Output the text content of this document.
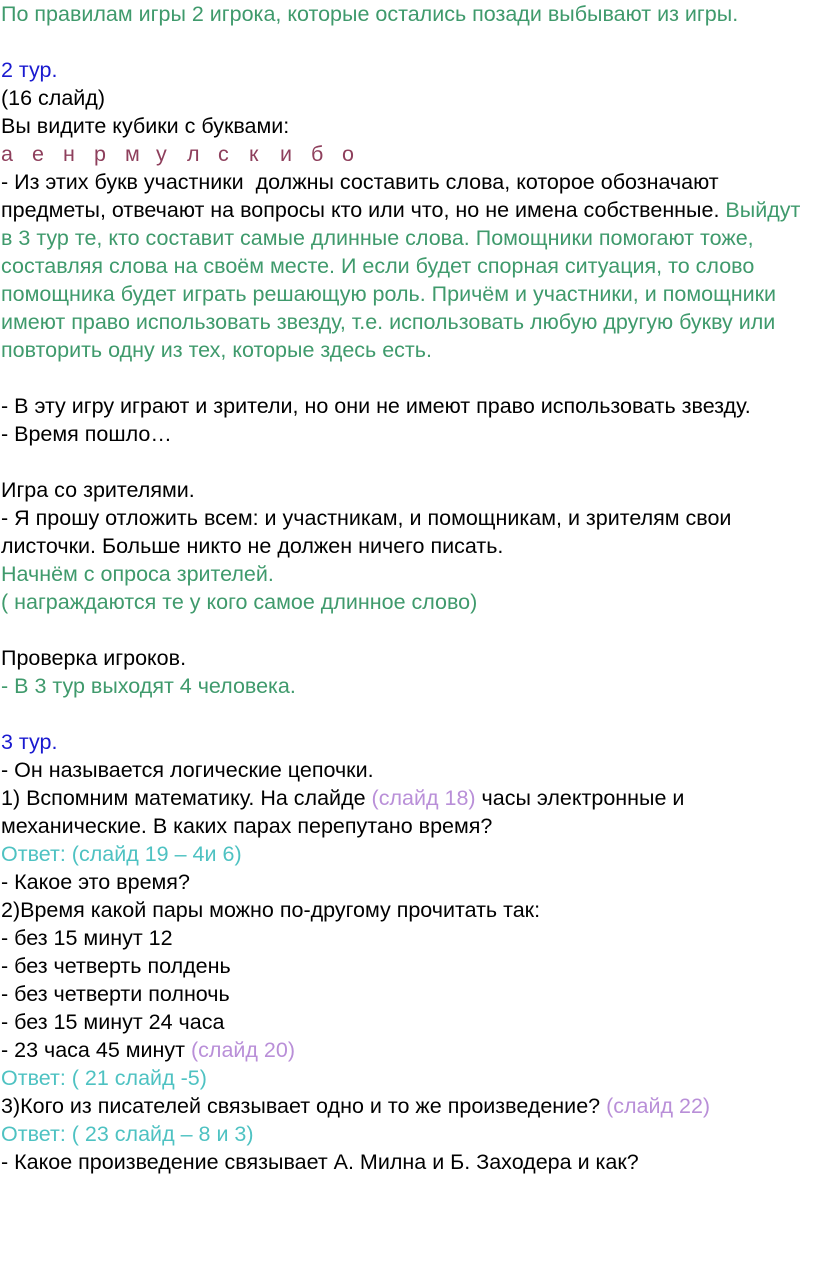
По правилам игры 2 игрока, которые остались позади выбывают из игры.
2 тур.
(16 слайд)
Вы видите кубики с буквами:
а е н р м у л с к и б о
- Из этих букв участники  должны составить слова, которое обозначают предметы, отвечают на вопросы кто или что, но не имена собственные. Выйдут в 3 тур те, кто составит самые длинные слова. Помощники помогают тоже, составляя слова на своём месте. И если будет спорная ситуация, то слово помощника будет играть решающую роль. Причём и участники, и помощники имеют право использовать звезду, т.е. использовать любую другую букву или повторить одну из тех, которые здесь есть.
- В эту игру играют и зрители, но они не имеют право использовать звезду.
- Время пошло…
Игра со зрителями.
- Я прошу отложить всем: и участникам, и помощникам, и зрителям свои листочки. Больше никто не должен ничего писать.
Начнём с опроса зрителей.
( награждаются те у кого самое длинное слово)
Проверка игроков.
- В 3 тур выходят 4 человека.
3 тур.
- Он называется логические цепочки.
1) Вспомним математику. На слайде (слайд 18) часы электронные и механические. В каких парах перепутано время?
Ответ: (слайд 19 – 4и 6)
- Какое это время?
2)Время какой пары можно по-другому прочитать так:
- без 15 минут 12
- без четверть полдень
- без четверти полночь
- без 15 минут 24 часа
- 23 часа 45 минут (слайд 20)
Ответ: ( 21 слайд -5)
3)Кого из писателей связывает одно и то же произведение? (слайд 22)
Ответ: ( 23 слайд – 8 и 3)
- Какое произведение связывает А. Милна и Б. Заходера и как?
